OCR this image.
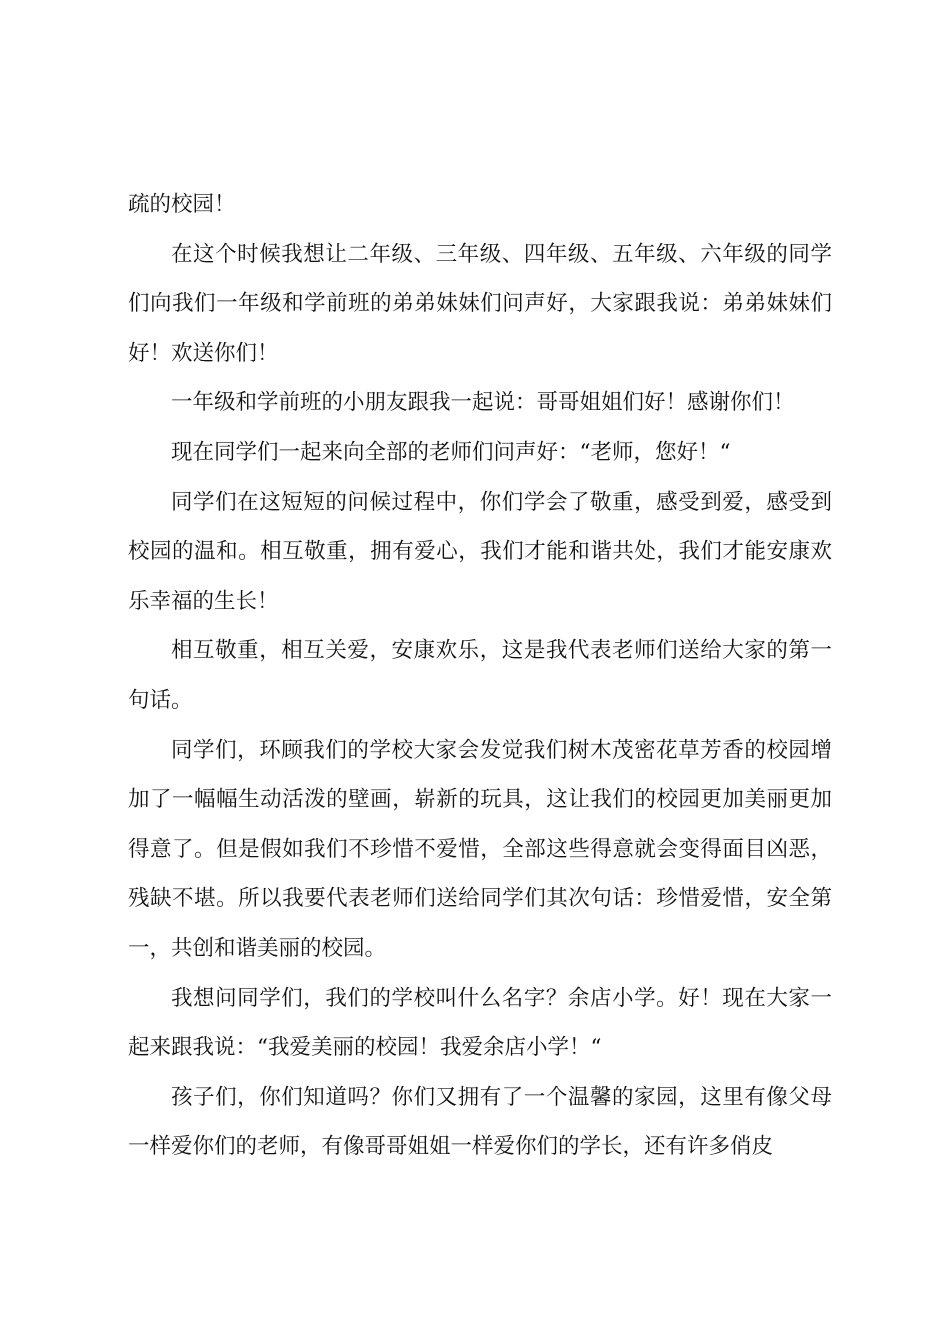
疏的校园！

在这个时候我想让二年级、三年级、四年级、五年级、六年级的同学们向我们一年级和学前班的弟弟妹妹们问声好，大家跟我说：弟弟妹妹们好！欢送你们！

一年级和学前班的小朋友跟我一起说：哥哥姐姐们好！感谢你们！

现在同学们一起来向全部的老师们问声好：“老师，您好！“

同学们在这短短的问候过程中，你们学会了敬重，感受到爱，感受到校园的温和。相互敬重，拥有爱心，我们才能和谐共处，我们才能安康欢乐幸福的生长！

相互敬重，相互关爱，安康欢乐，这是我代表老师们送给大家的第一句话。

同学们，环顾我们的学校大家会发觉我们树木茂密花草芳香的校园增加了一幅幅生动活泼的壁画，崭新的玩具，这让我们的校园更加美丽更加得意了。但是假如我们不珍惜不爱惜，全部这些得意就会变得面目凶恶，残缺不堪。所以我要代表老师们送给同学们其次句话：珍惜爱惜，安全第一，共创和谐美丽的校园。

我想问同学们，我们的学校叫什么名字？余店小学。好！现在大家一起来跟我说：“我爱美丽的校园！我爱余店小学！“

孩子们，你们知道吗？你们又拥有了一个温馨的家园，这里有像父母一样爱你们的老师，有像哥哥姐姐一样爱你们的学长，还有许多俏皮
